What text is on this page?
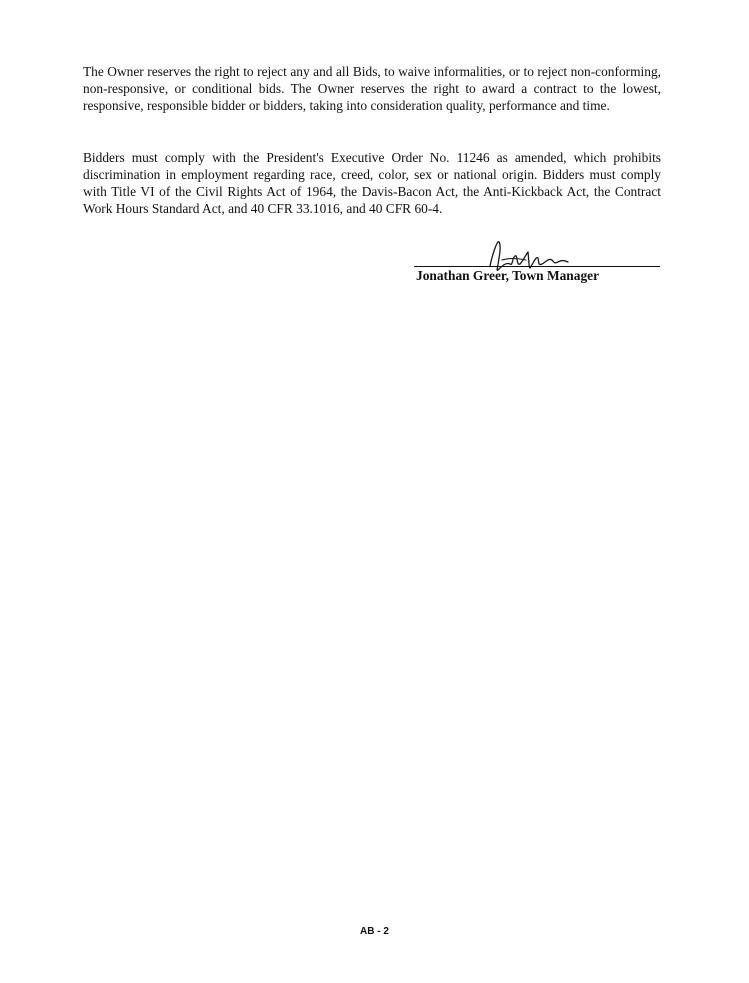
The Owner reserves the right to reject any and all Bids, to waive informalities, or to reject non-conforming, non-responsive, or conditional bids. The Owner reserves the right to award a contract to the lowest, responsive, responsible bidder or bidders, taking into consideration quality, performance and time.

Bidders must comply with the President's Executive Order No. 11246 as amended, which prohibits discrimination in employment regarding race, creed, color, sex or national origin. Bidders must comply with Title VI of the Civil Rights Act of 1964, the Davis-Bacon Act, the Anti-Kickback Act, the Contract Work Hours Standard Act, and 40 CFR 33.1016, and 40 CFR 60-4.

Jonathan Greer, Town Manager
AB - 2
